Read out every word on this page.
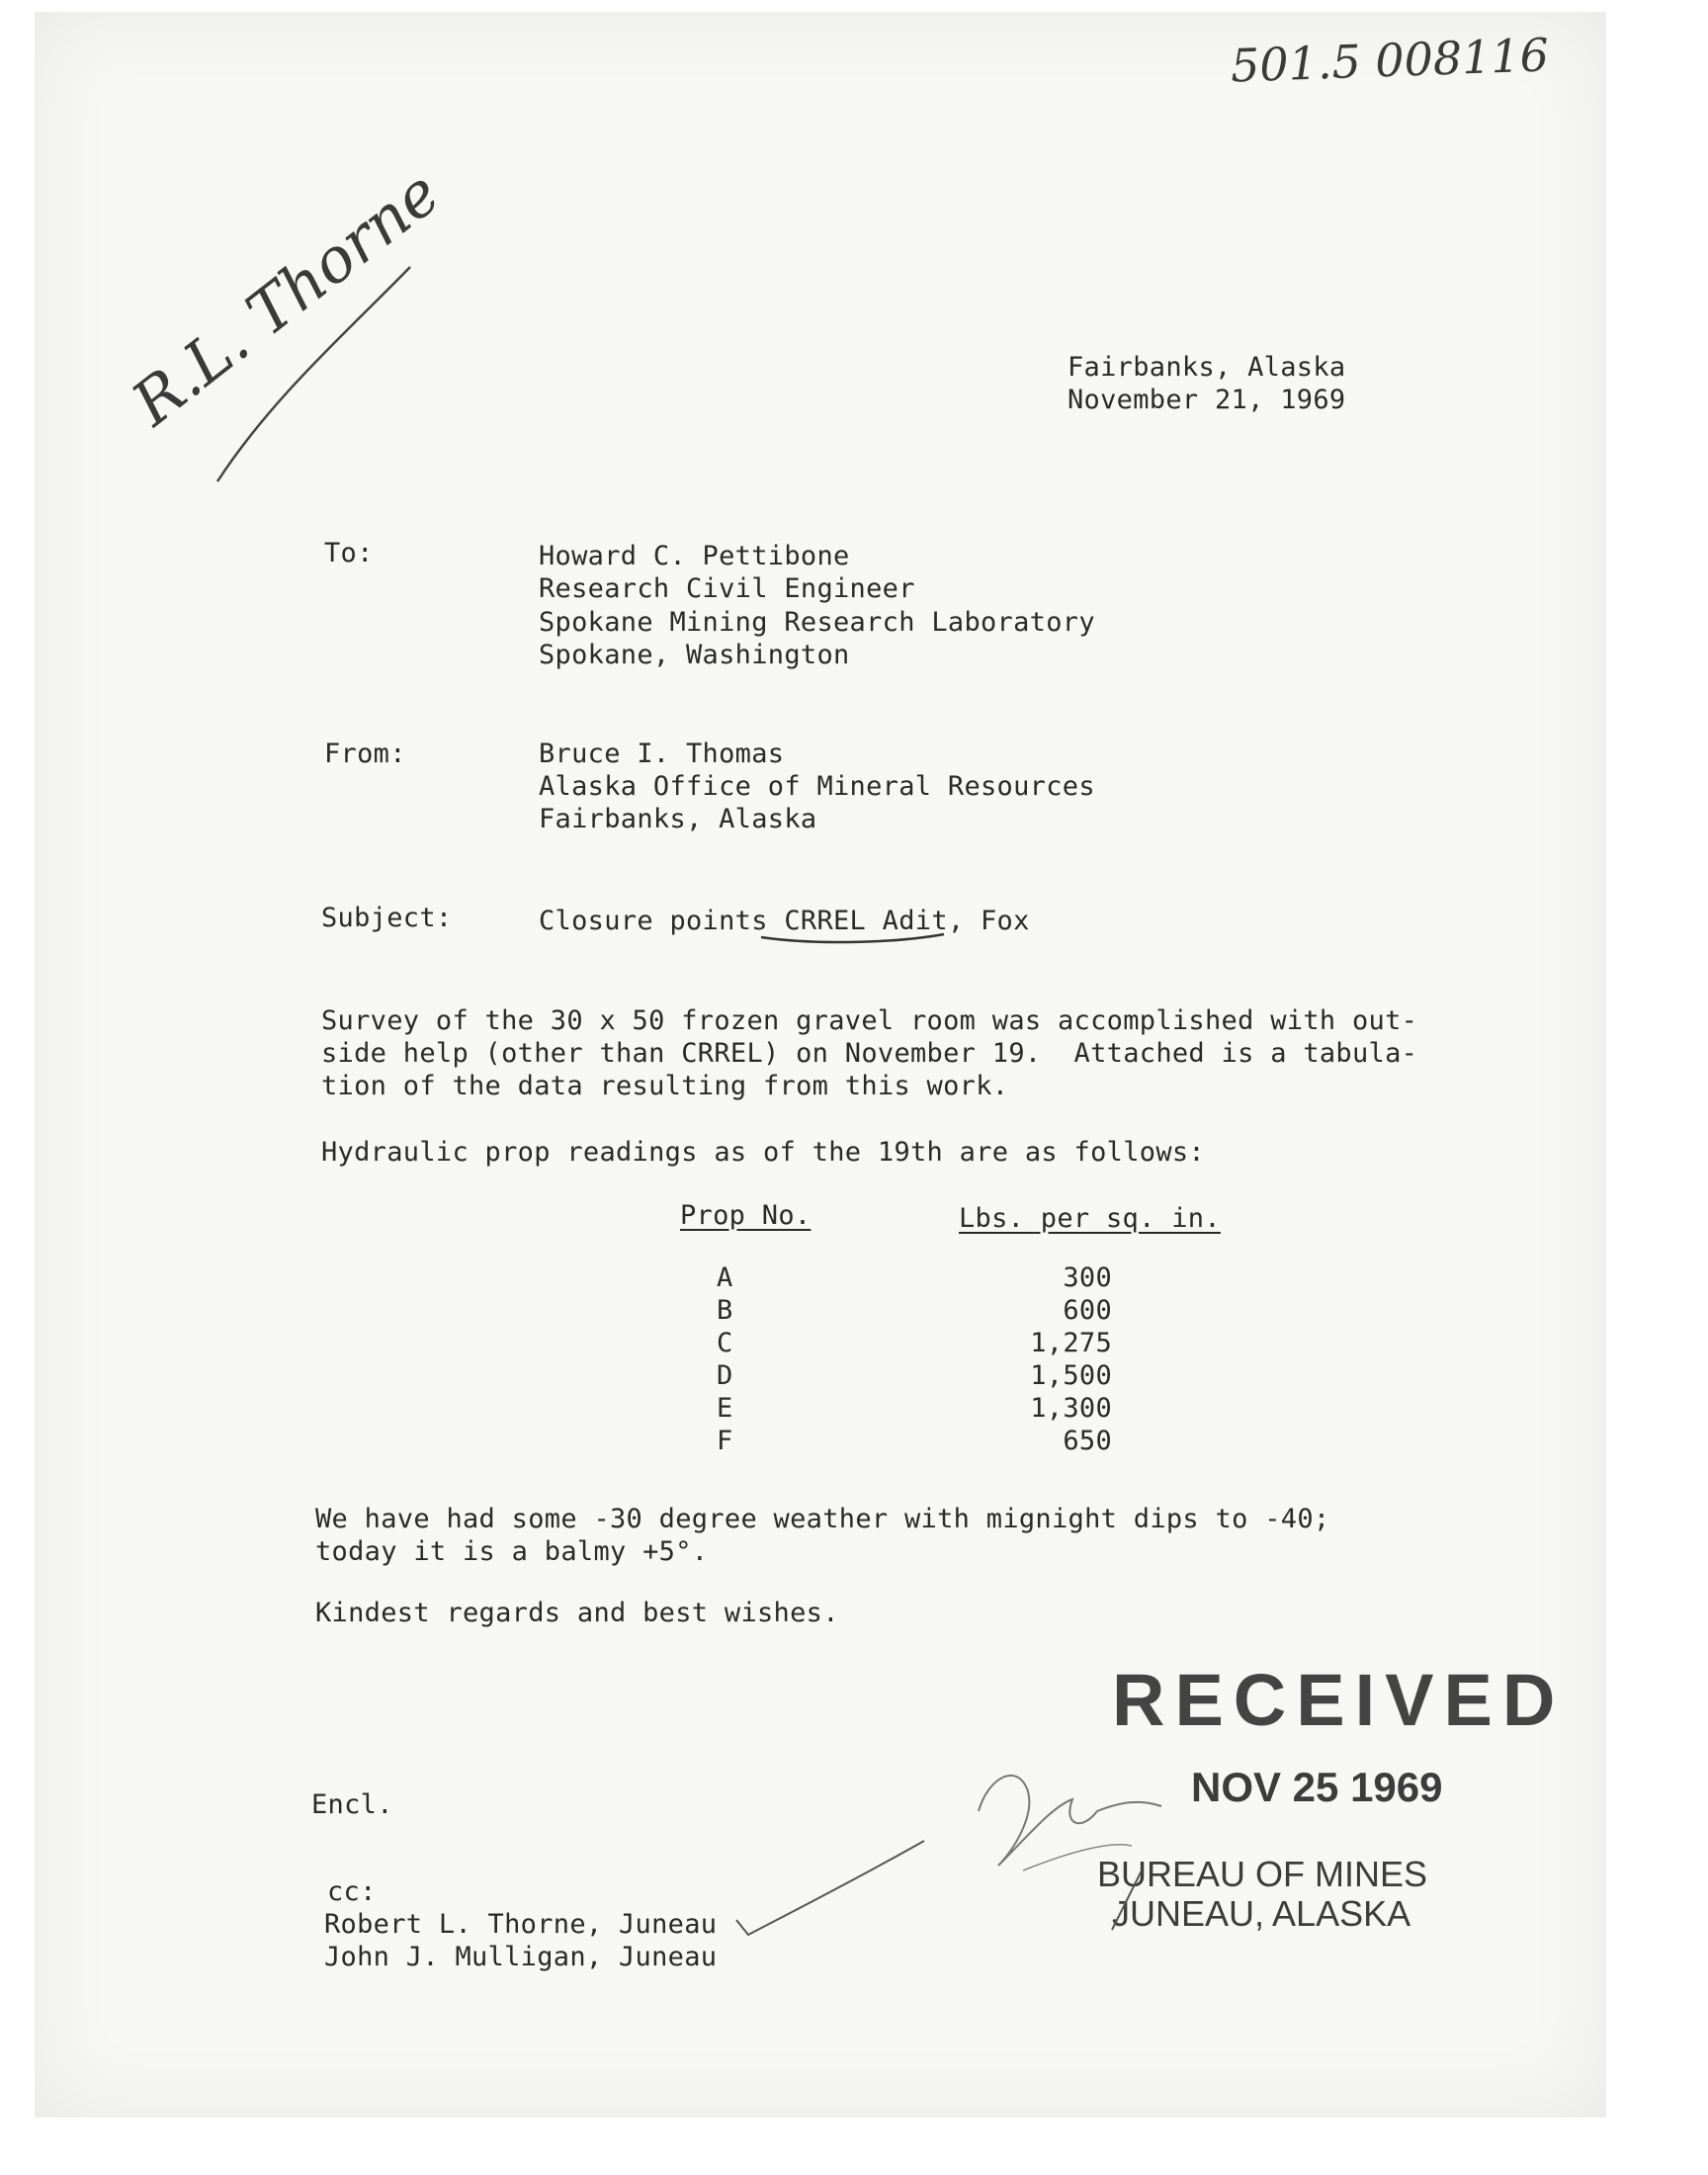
501.5 008116
R.L. Thorne	Fairbanks, Alaska
November 21, 1969
To:	Howard C. Pettibone
Research Civil Engineer
Spokane Mining Research Laboratory
Spokane, Washington
From:	Bruce I. Thomas
Alaska Office of Mineral Resources
Fairbanks, Alaska
Subject:	Closure points CRREL Adit, Fox
Survey of the 30 x 50 frozen gravel room was accomplished with out-
side help (other than CRREL) on November 19.  Attached is a tabula-
tion of the data resulting from this work.
Hydraulic prop readings as of the 19th are as follows:
Prop No.	Lbs. per sq. in.
A	300
B	600
C	1,275
D	1,500
E	1,300
F	650
We have had some -30 degree weather with mignight dips to -40;
today it is a balmy +5°.
Kindest regards and best wishes.
RECEIVED
NOV 25 1969
BUREAU OF MINES
JUNEAU, ALASKA
Encl.
cc:
Robert L. Thorne, Juneau
John J. Mulligan, Juneau
